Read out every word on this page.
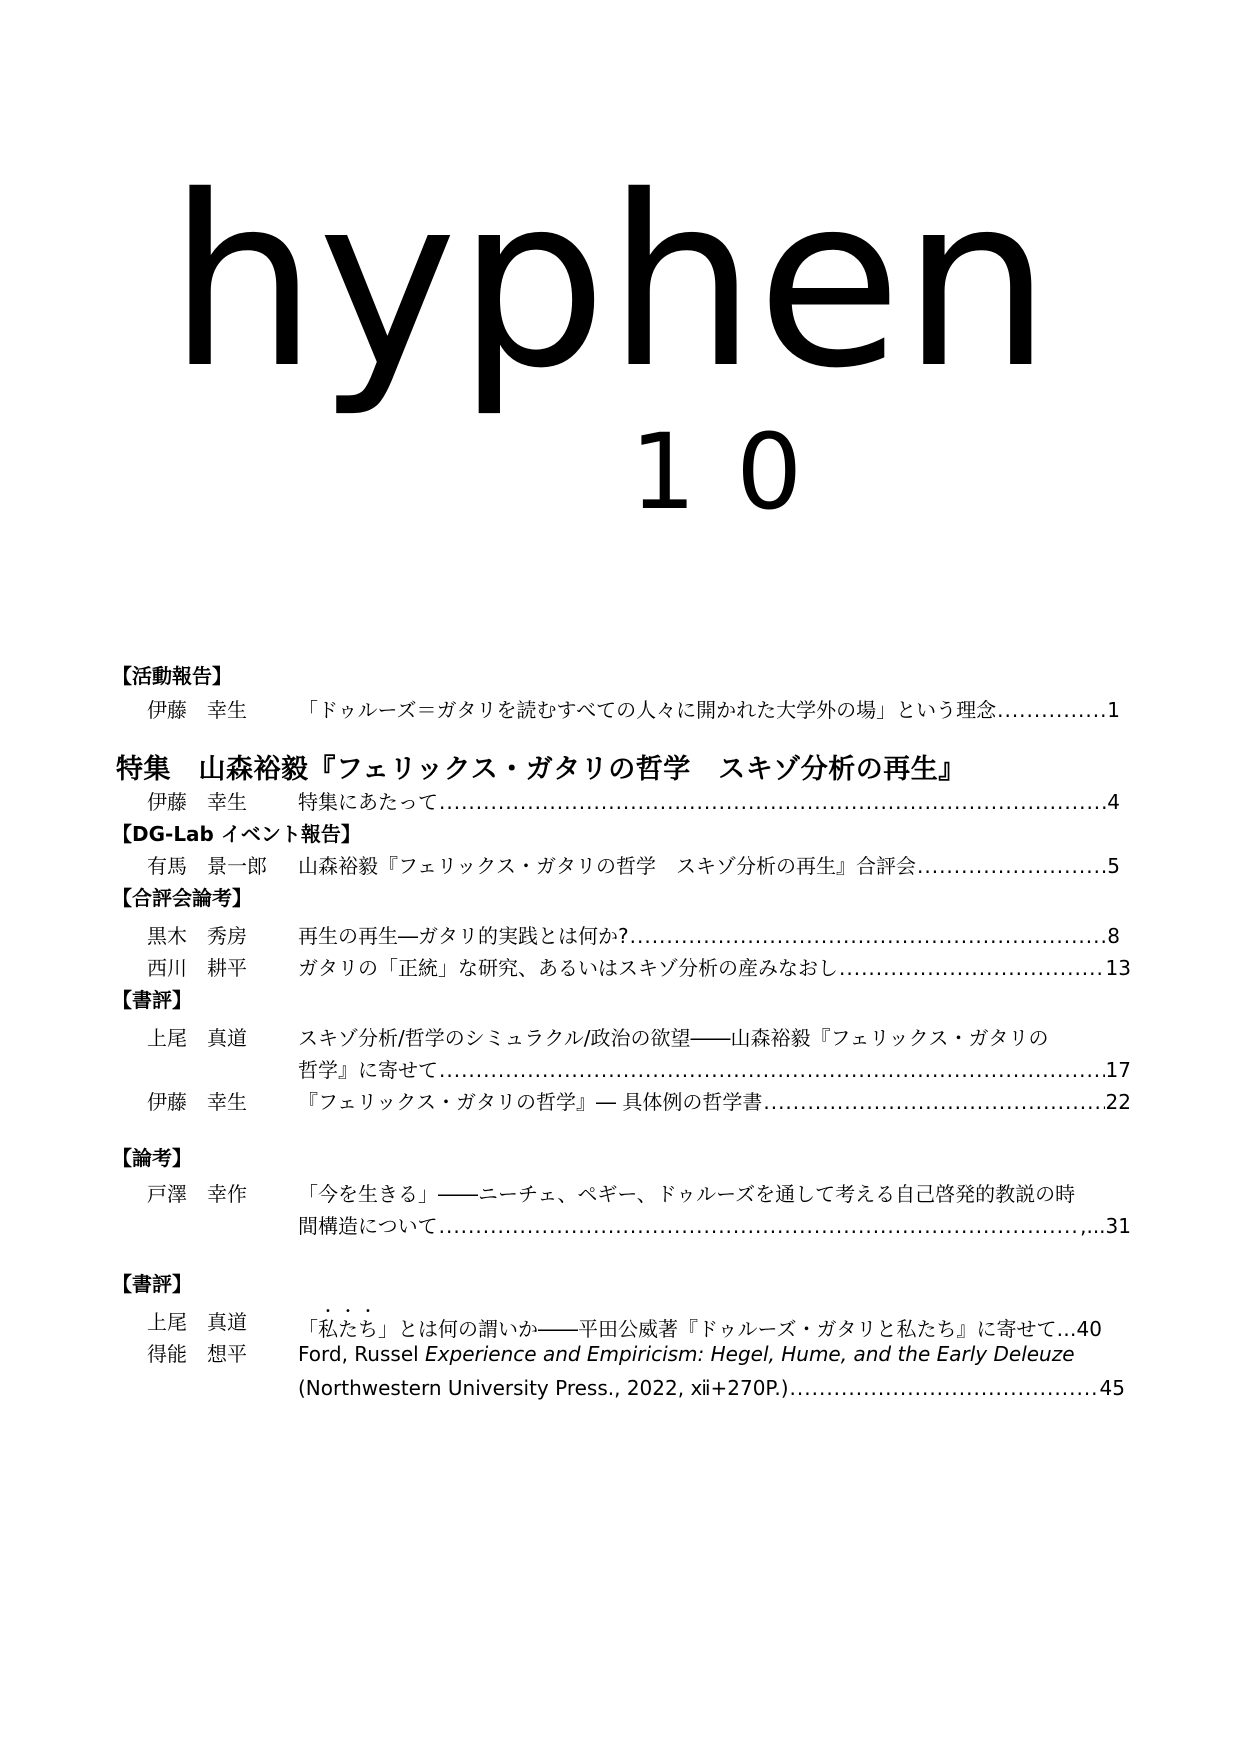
hyphen
10
【活動報告】
伊藤　幸生	「ドゥルーズ＝ガタリを読むすべての人々に開かれた大学外の場」という理念 .....	1
特集　山森裕毅『フェリックス・ガタリの哲学　スキゾ分析の再生』
伊藤　幸生	特集にあたって .....	4
【DG-Lab イベント報告】
有馬　景一郎 山森裕毅『フェリックス・ガタリの哲学　スキゾ分析の再生』合評会 .....	5
【合評会論考】
黒木　秀房	再生の再生―ガタリ的実践とは何か? .....	8
西川　耕平	ガタリの「正統」な研究、あるいはスキゾ分析の産みなおし .....	13
【書評】
上尾　真道	スキゾ分析/哲学のシミュラクル/政治の欲望――山森裕毅『フェリックス・ガタリの
哲学』に寄せて .....	17
伊藤　幸生	『フェリックス・ガタリの哲学』― 具体例の哲学書 .....	22
【論考】
戸澤　幸作	「今を生きる」――ニーチェ、ペギー、ドゥルーズを通して考える自己啓発的教説の時
間構造について .....	,...31
【書評】
上尾　真道	「私たち」とは何の謂いか――平田公威著『ドゥルーズ・ガタリと私たち』に寄せて…40
得能　想平	Ford, Russel Experience and Empiricism: Hegel, Hume, and the Early Deleuze
(Northwestern University Press., 2022, ⅻ+270P.) .....	45
